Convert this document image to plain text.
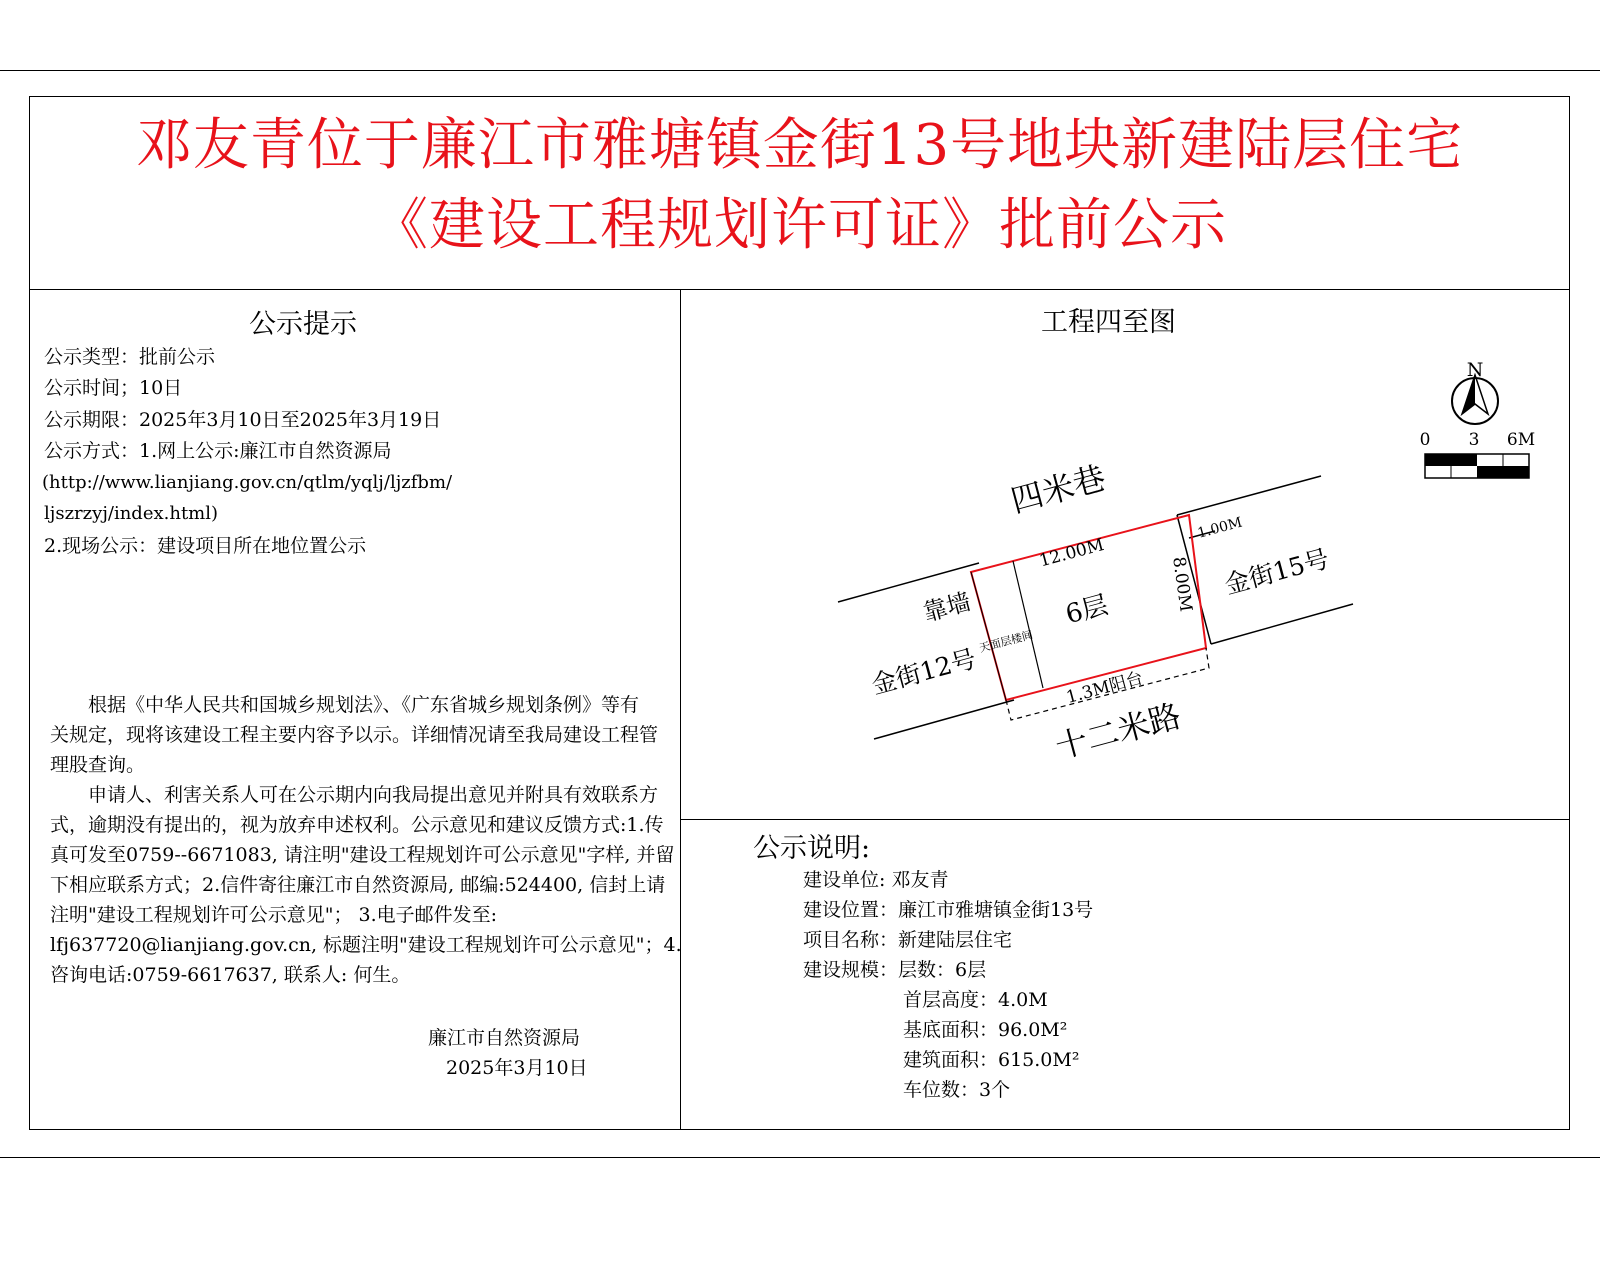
邓友青位于廉江市雅塘镇金街13号地块新建陆层住宅
《建设工程规划许可证》批前公示
公示提示
公示类型：批前公示
公示时间；10日
公示期限：2025年3月10日至2025年3月19日
公示方式：1.网上公示:廉江市自然资源局
(http://www.lianjiang.gov.cn/qtlm/yqlj/ljzfbm/
ljszrzyj/index.html)
2.现场公示：建设项目所在地位置公示
　　根据《中华人民共和国城乡规划法》、《广东省城乡规划条例》等有
关规定，现将该建设工程主要内容予以示。详细情况请至我局建设工程管
理股查询。
　　申请人、利害关系人可在公示期内向我局提出意见并附具有效联系方
式，逾期没有提出的，视为放弃申述权利。公示意见和建议反馈方式:1.传
真可发至0759--6671083, 请注明"建设工程规划许可公示意见"字样, 并留
下相应联系方式；2.信件寄往廉江市自然资源局, 邮编:524400, 信封上请
注明"建设工程规划许可公示意见"； 3.电子邮件发至:
lfj637720@lianjiang.gov.cn, 标题注明"建设工程规划许可公示意见"；4.
咨询电话:0759-6617637, 联系人: 何生。
廉江市自然资源局
2025年3月10日
工程四至图
N
0 3 6M
四米巷
十二米路
靠墙
金街12号
金街15号
6层
12.00M
8.00M
1.00M
1.3M阳台
天面层楼间
公示说明:
建设单位: 邓友青
建设位置：廉江市雅塘镇金街13号
项目名称：新建陆层住宅
建设规模：层数：6层
首层高度：4.0M
基底面积：96.0M²
建筑面积：615.0M²
车位数：3个
